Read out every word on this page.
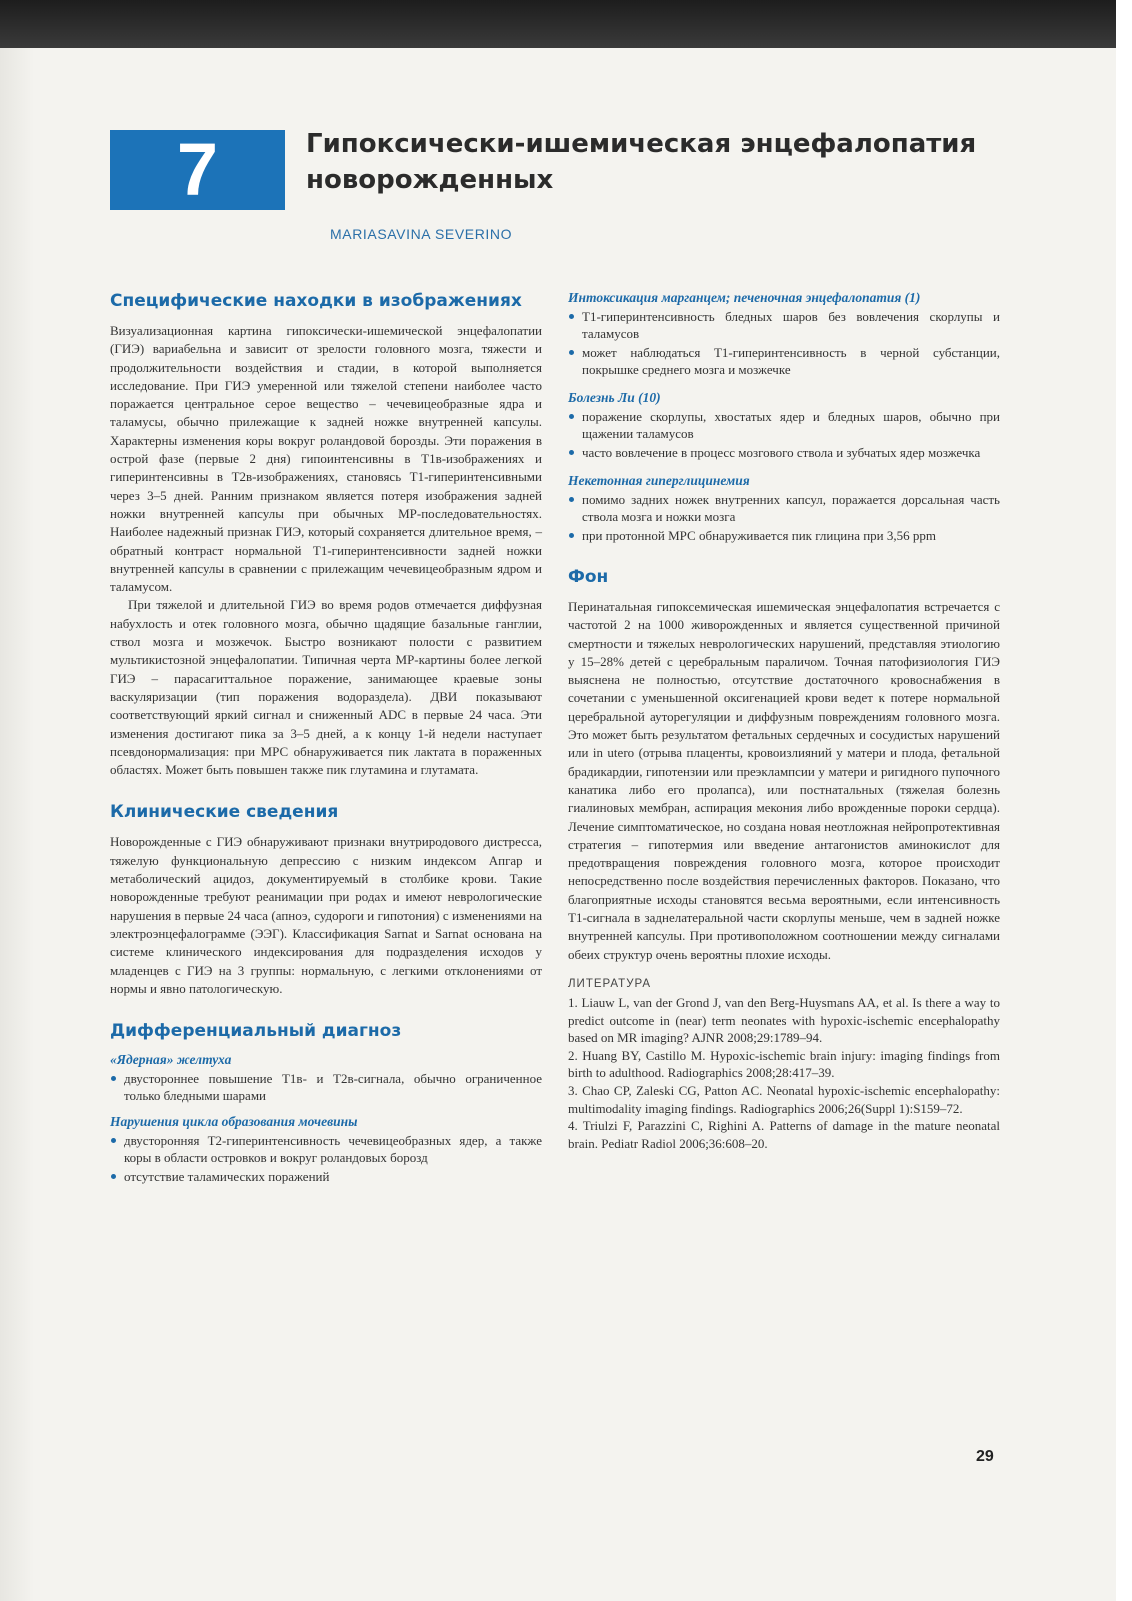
7	Гипоксически-ишемическая энцефалопатия новорожденных
MARIASAVINA SEVERINO
Специфические находки в изображениях

Визуализационная картина гипоксически-ишемической энцефалопатии (ГИЭ) вариабельна и зависит от зрелости головного мозга, тяжести и продолжительности воздействия и стадии, в которой выполняется исследование. При ГИЭ умеренной или тяжелой степени наиболее часто поражается центральное серое вещество – чечевицеобразные ядра и таламусы, обычно прилежащие к задней ножке внутренней капсулы. Характерны изменения коры вокруг роландовой борозды. Эти поражения в острой фазе (первые 2 дня) гипоинтенсивны в Т1в-изображениях и гиперинтенсивны в Т2в-изображениях, становясь Т1-гиперинтенсивными через 3–5 дней. Ранним признаком является потеря изображения задней ножки внутренней капсулы при обычных МР-последовательностях. Наиболее надежный признак ГИЭ, который сохраняется длительное время, – обратный контраст нормальной Т1-гиперинтенсивности задней ножки внутренней капсулы в сравнении с прилежащим чечевицеобразным ядром и таламусом.

При тяжелой и длительной ГИЭ во время родов отмечается диффузная набухлость и отек головного мозга, обычно щадящие базальные ганглии, ствол мозга и мозжечок. Быстро возникают полости с развитием мультикистозной энцефалопатии. Типичная черта МР-картины более легкой ГИЭ – парасагиттальное поражение, занимающее краевые зоны васкуляризации (тип поражения водораздела). ДВИ показывают соответствующий яркий сигнал и сниженный ADC в первые 24 часа. Эти изменения достигают пика за 3–5 дней, а к концу 1-й недели наступает псевдонормализация: при МРС обнаруживается пик лактата в пораженных областях. Может быть повышен также пик глутамина и глутамата.

Клинические сведения

Новорожденные с ГИЭ обнаруживают признаки внутриродового дистресса, тяжелую функциональную депрессию с низким индексом Апгар и метаболический ацидоз, документируемый в столбике крови. Такие новорожденные требуют реанимации при родах и имеют неврологические нарушения в первые 24 часа (апноэ, судороги и гипотония) с изменениями на электроэнцефалограмме (ЭЭГ). Классификация Sarnat и Sarnat основана на системе клинического индексирования для подразделения исходов у младенцев с ГИЭ на 3 группы: нормальную, с легкими отклонениями от нормы и явно патологическую.

Дифференциальный диагноз
«Ядерная» желтуха
двустороннее повышение Т1в- и Т2в-сигнала, обычно ограниченное только бледными шарами
Нарушения цикла образования мочевины
двусторонняя Т2-гиперинтенсивность чечевицеобразных ядер, а также коры в области островков и вокруг роландовых борозд
отсутствие таламических поражений
Интоксикация марганцем; печеночная энцефалопатия (1)
Т1-гиперинтенсивность бледных шаров без вовлечения скорлупы и таламусов
может наблюдаться Т1-гиперинтенсивность в черной субстанции, покрышке среднего мозга и мозжечке
Болезнь Ли (10)
поражение скорлупы, хвостатых ядер и бледных шаров, обычно при щажении таламусов
часто вовлечение в процесс мозгового ствола и зубчатых ядер мозжечка
Некетонная гиперглицинемия
помимо задних ножек внутренних капсул, поражается дорсальная часть ствола мозга и ножки мозга
при протонной МРС обнаруживается пик глицина при 3,56 ppm
Фон

Перинатальная гипоксемическая ишемическая энцефалопатия встречается с частотой 2 на 1000 живорожденных и является существенной причиной смертности и тяжелых неврологических нарушений, представляя этиологию у 15–28% детей с церебральным параличом. Точная патофизиология ГИЭ выяснена не полностью, отсутствие достаточного кровоснабжения в сочетании с уменьшенной оксигенацией крови ведет к потере нормальной церебральной ауторегуляции и диффузным повреждениям головного мозга. Это может быть результатом фетальных сердечных и сосудистых нарушений или in utero (отрыва плаценты, кровоизлияний у матери и плода, фетальной брадикардии, гипотензии или преэклампсии у матери и ригидного пупочного канатика либо его пролапса), или постнатальных (тяжелая болезнь гиалиновых мембран, аспирация мекония либо врожденные пороки сердца). Лечение симптоматическое, но создана новая неотложная нейропротективная стратегия – гипотермия или введение антагонистов аминокислот для предотвращения повреждения головного мозга, которое происходит непосредственно после воздействия перечисленных факторов. Показано, что благоприятные исходы становятся весьма вероятными, если интенсивность Т1-сигнала в заднелатеральной части скорлупы меньше, чем в задней ножке внутренней капсулы. При противоположном соотношении между сигналами обеих структур очень вероятны плохие исходы.

ЛИТЕРАТУРА

1. Liauw L, van der Grond J, van den Berg-Huysmans AA, et al. Is there a way to predict outcome in (near) term neonates with hypoxic-ischemic encephalopathy based on MR imaging? AJNR 2008;29:1789–94.

2. Huang BY, Castillo M. Hypoxic-ischemic brain injury: imaging findings from birth to adulthood. Radiographics 2008;28:417–39.

3. Chao CP, Zaleski CG, Patton AC. Neonatal hypoxic-ischemic encephalopathy: multimodality imaging findings. Radiographics 2006;26(Suppl 1):S159–72.

4. Triulzi F, Parazzini C, Righini A. Patterns of damage in the mature neonatal brain. Pediatr Radiol 2006;36:608–20.

29
